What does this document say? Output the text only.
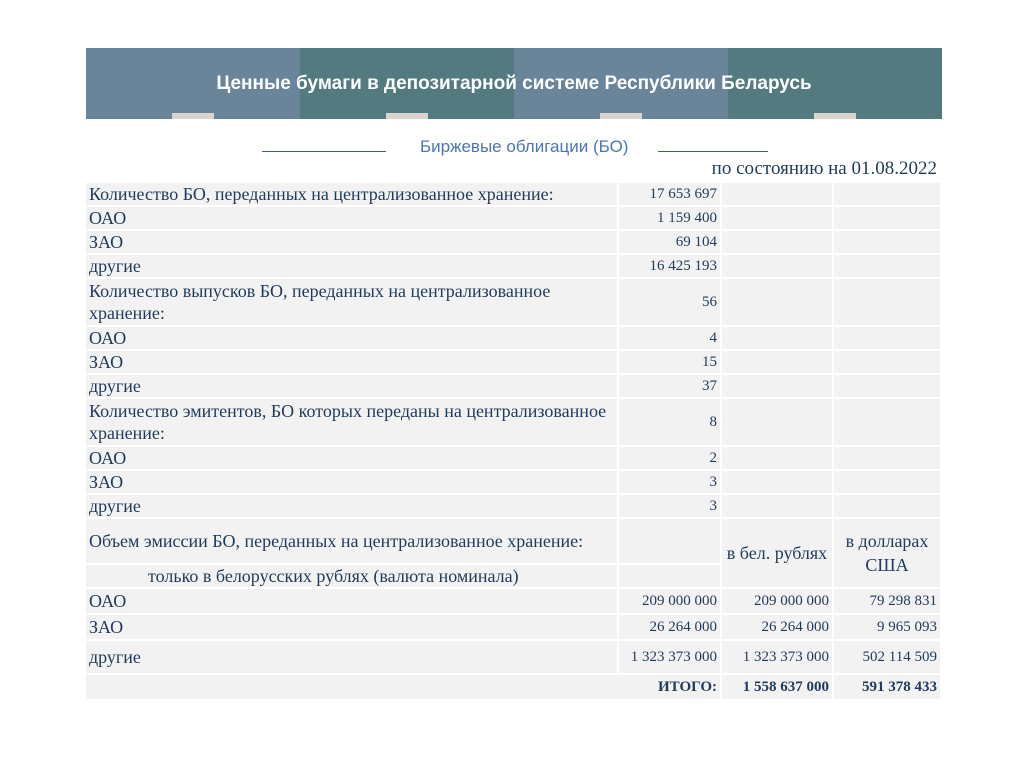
Ценные бумаги в депозитарной системе Республики Беларусь
Биржевые облигации (БО)
по состоянию на 01.08.2022
Количество БО, переданных на централизованное хранение:	17 653 697		
ОАО	1 159 400		
ЗАО	69 104		
другие	16 425 193		
Количество выпусков БО, переданных на централизованное хранение:	56		
ОАО	4		
ЗАО	15		
другие	37		
Количество эмитентов, БО которых переданы на централизованное хранение:	8		
ОАО	2		
ЗАО	3		
другие	3		
Объем эмиссии БО, переданных на централизованное хранение:		в бел. рублях	в долларах США
только в белорусских рублях (валюта номинала)			
ОАО	209 000 000	209 000 000	79 298 831
ЗАО	26 264 000	26 264 000	9 965 093
другие	1 323 373 000	1 323 373 000	502 114 509
ИТОГО:		1 558 637 000	591 378 433
